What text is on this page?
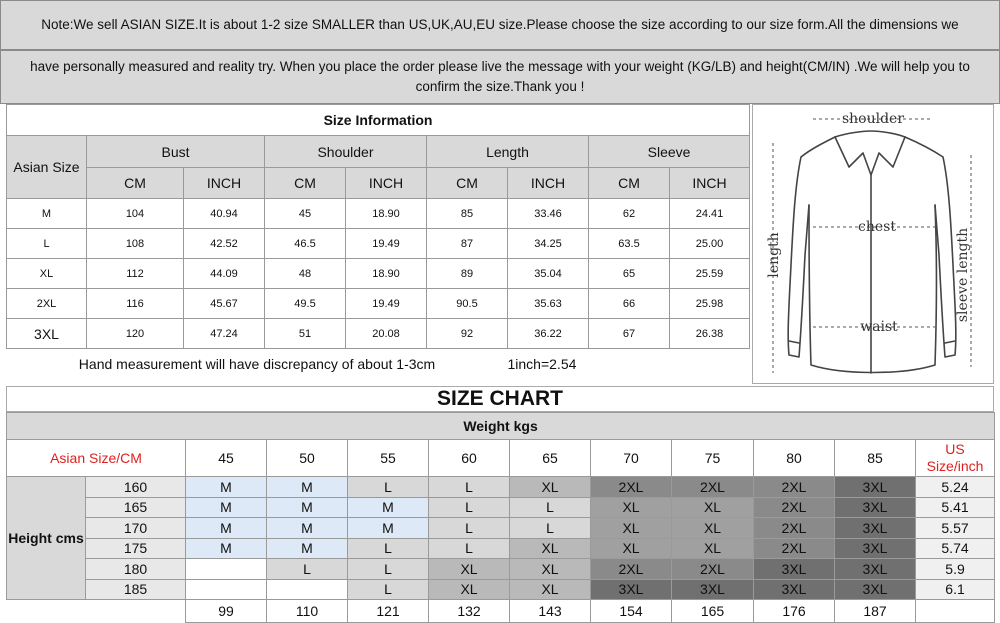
Note:We sell ASIAN SIZE.It is about 1-2 size SMALLER than US,UK,AU,EU size.Please choose the size according to our size form.All the dimensions we
have personally measured and reality try. When you place the order please live the message with your weight (KG/LB) and height(CM/IN) .We will help you to confirm the size.Thank you !
Size Information								
Asian Size	Bust		Shoulder		Length		Sleeve	
	CM	INCH	CM	INCH	CM	INCH	CM	INCH
M	104	40.94	45	18.90	85	33.46	62	24.41
L	108	42.52	46.5	19.49	87	34.25	63.5	25.00
XL	112	44.09	48	18.90	89	35.04	65	25.59
2XL	116	45.67	49.5	19.49	90.5	35.63	66	25.98
3XL	120	47.24	51	20.08	92	36.22	67	26.38
Hand measurement will have discrepancy of about 1-3cm						1inch=2.54		
shoulder
chest
waist
length	sleeve length
SIZE CHART
Weight kgs											
Asian Size/CM		45	50	55	60	65	70	75	80	85	US Size/inch
Height cms	160	M	M	L	L	XL	2XL	2XL	2XL	3XL	5.24
	165	M	M	M	L	L	XL	XL	2XL	3XL	5.41
	170	M	M	M	L	L	XL	XL	2XL	3XL	5.57
	175	M	M	L	L	XL	XL	XL	2XL	3XL	5.74
	180		L	L	XL	XL	2XL	2XL	3XL	3XL	5.9
	185			L	XL	XL	3XL	3XL	3XL	3XL	6.1
		99	110	121	132	143	154	165	176	187	
